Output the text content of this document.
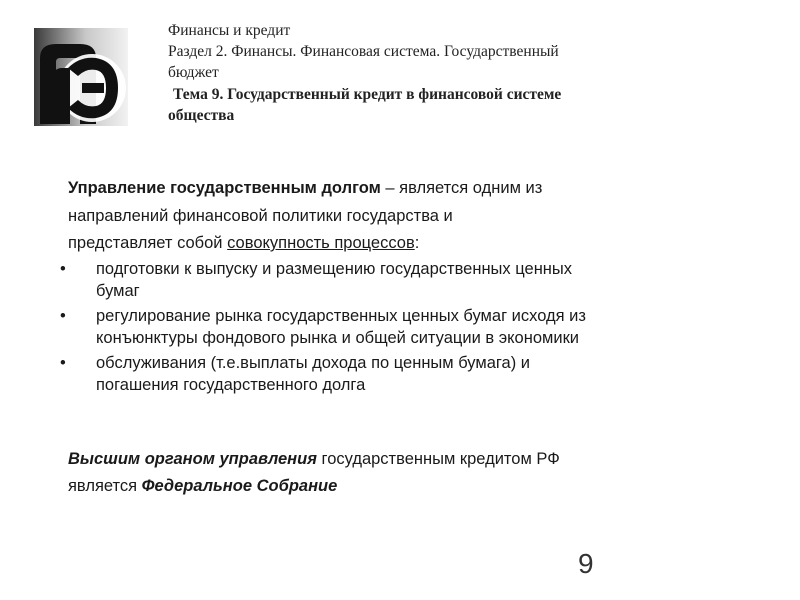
Финансы и кредит
Раздел 2. Финансы. Финансовая система. Государственный
бюджет
Тема 9. Государственный кредит в финансовой системе
общества

Управление государственным долгом – является одним из
направлений финансовой политики государства и
представляет собой совокупность процессов:

• подготовки к выпуску и размещению государственных ценных
бумаг
• регулирование рынка государственных ценных бумаг исходя из
конъюнктуры фондового рынка и общей ситуации в экономики
• обслуживания (т.е.выплаты дохода по ценным бумага) и
погашения государственного долга
Высшим органом управления государственным кредитом РФ
является Федеральное Собрание
9
